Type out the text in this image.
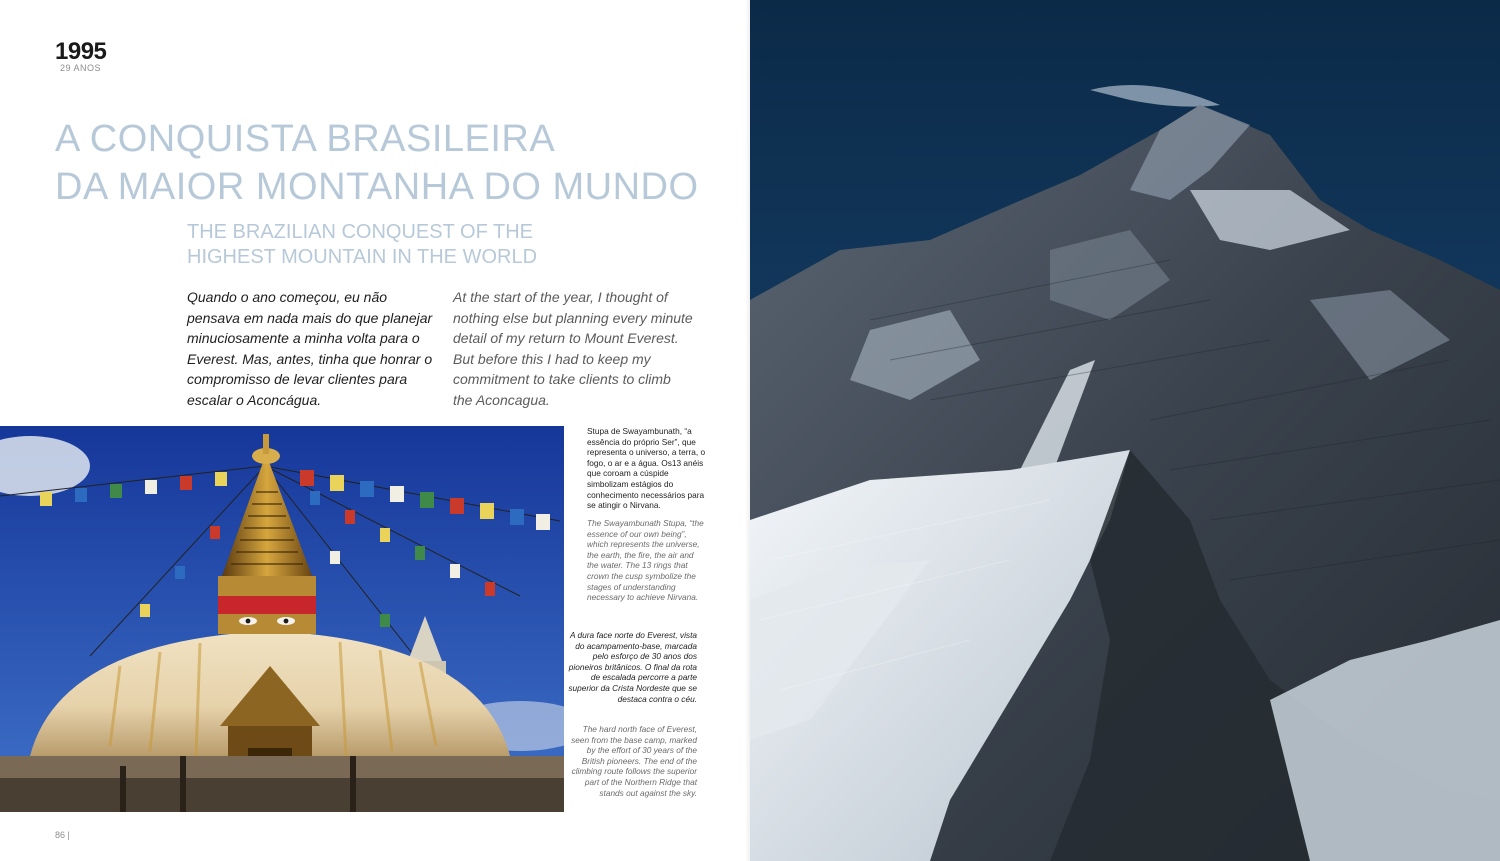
1995
29 ANOS
A CONQUISTA BRASILEIRA
DA MAIOR MONTANHA DO MUNDO
THE BRAZILIAN CONQUEST OF THE
HIGHEST MOUNTAIN IN THE WORLD

Quando o ano começou, eu não pensava em nada mais do que planejar minuciosamente a minha volta para o Everest. Mas, antes, tinha que honrar o compromisso de levar clientes para escalar o Aconcágua.

At the start of the year, I thought of nothing else but planning every minute detail of my return to Mount Everest. But before this I had to keep my commitment to take clients to climb the Aconcagua.

Stupa de Swayambunath, “a essência do próprio Ser”, que representa o universo, a terra, o fogo, o ar e a água. Os13 anéis que coroam a cúspide simbolizam estágios do conhecimento necessários para se atingir o Nirvana.

The Swayambunath Stupa, “the essence of our own being”, which represents the universe, the earth, the fire, the air and the water. The 13 rings that crown the cusp symbolize the stages of understanding necessary to achieve Nirvana.

A dura face norte do Everest, vista do acampamento-base, marcada pelo esforço de 30 anos dos pioneiros britânicos. O final da rota de escalada percorre a parte superior da Crista Nordeste que se destaca contra o céu.

The hard north face of Everest, seen from the base camp, marked by the effort of 30 years of the British pioneers. The end of the climbing route follows the superior part of the Northern Ridge that stands out against the sky.

86 |
